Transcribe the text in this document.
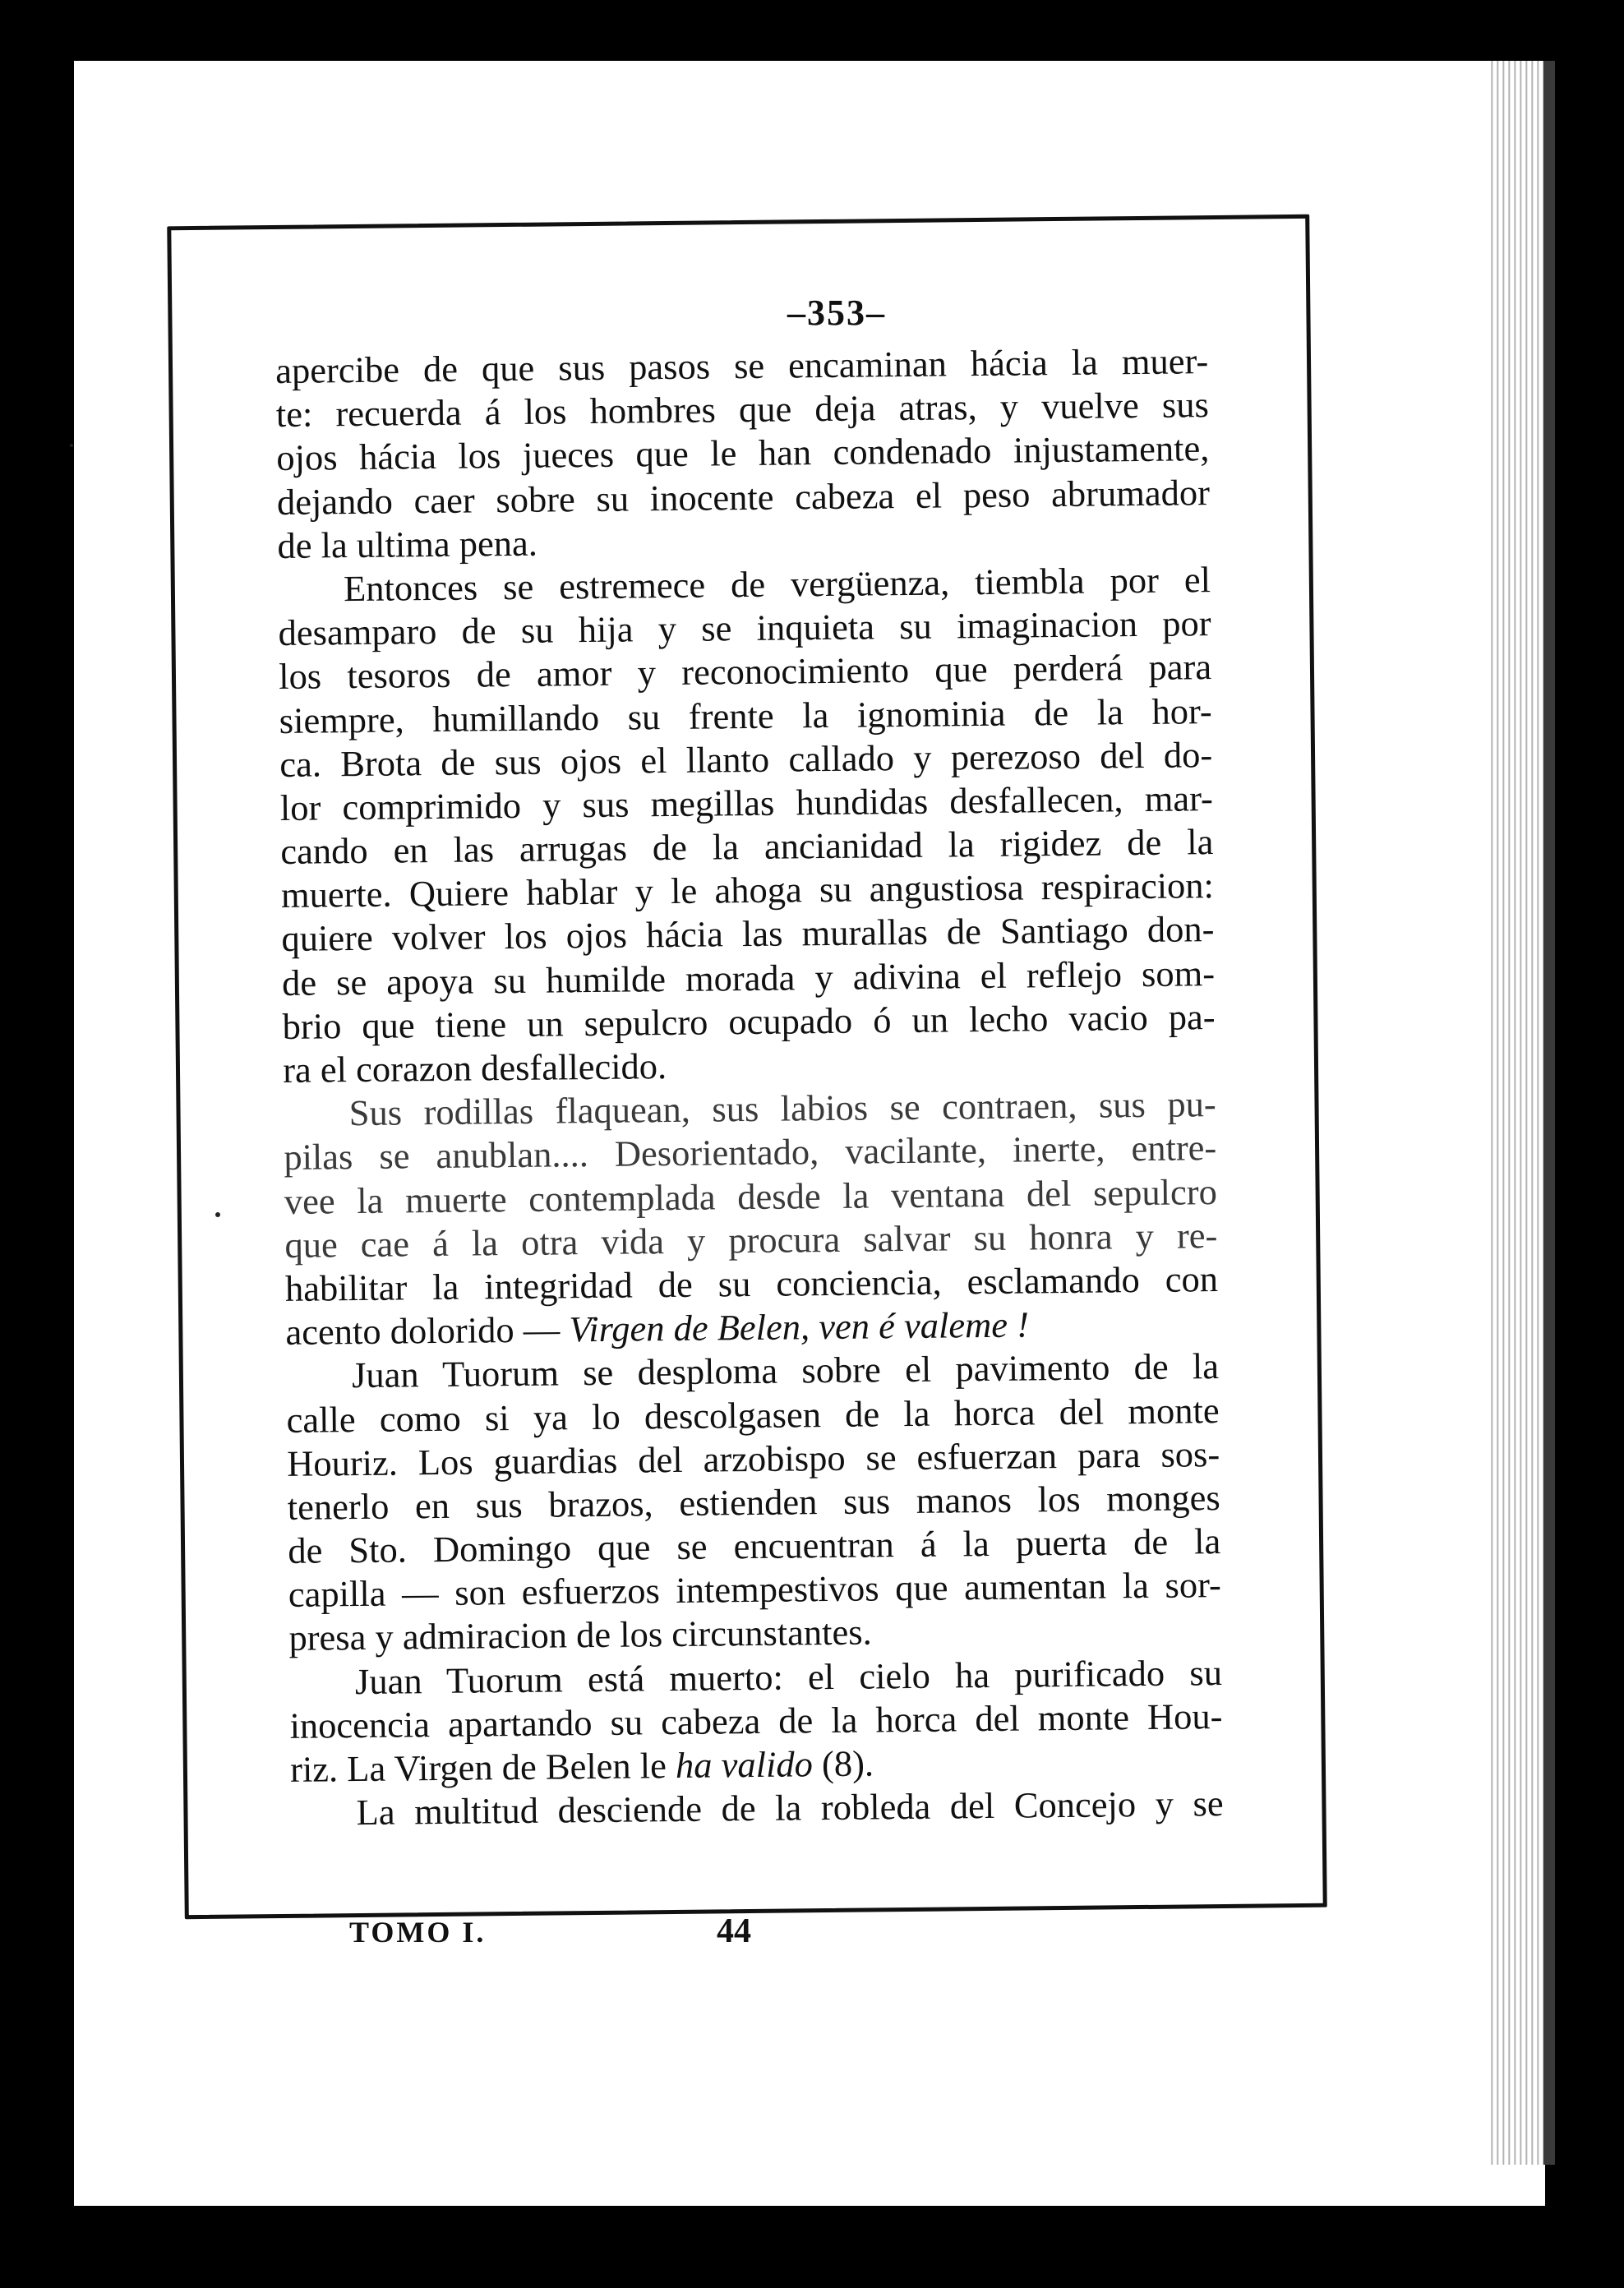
–353–
apercibe de que sus pasos se encaminan hácia la muer-
te: recuerda á los hombres que deja atras, y vuelve sus
ojos hácia los jueces que le han condenado injustamente,
dejando caer sobre su inocente cabeza el peso abrumador
de la ultima pena.
Entonces se estremece de vergüenza, tiembla por el
desamparo de su hija y se inquieta su imaginacion por
los tesoros de amor y reconocimiento que perderá para
siempre, humillando su frente la ignominia de la hor-
ca. Brota de sus ojos el llanto callado y perezoso del do-
lor comprimido y sus megillas hundidas desfallecen, mar-
cando en las arrugas de la ancianidad la rigidez de la
muerte. Quiere hablar y le ahoga su angustiosa respiracion:
quiere volver los ojos hácia las murallas de Santiago don-
de se apoya su humilde morada y adivina el reflejo som-
brio que tiene un sepulcro ocupado ó un lecho vacio pa-
ra el corazon desfallecido.
Sus rodillas flaquean, sus labios se contraen, sus pu-
pilas se anublan.... Desorientado, vacilante, inerte, entre-
vee la muerte contemplada desde la ventana del sepulcro
que cae á la otra vida y procura salvar su honra y re-
habilitar la integridad de su conciencia, esclamando con
acento dolorido — Virgen de Belen, ven é valeme !
Juan Tuorum se desploma sobre el pavimento de la
calle como si ya lo descolgasen de la horca del monte
Houriz. Los guardias del arzobispo se esfuerzan para sos-
tenerlo en sus brazos, estienden sus manos los monges
de Sto. Domingo que se encuentran á la puerta de la
capilla — son esfuerzos intempestivos que aumentan la sor-
presa y admiracion de los circunstantes.
Juan Tuorum está muerto: el cielo ha purificado su
inocencia apartando su cabeza de la horca del monte Hou-
riz. La Virgen de Belen le ha valido (8).
La multitud desciende de la robleda del Concejo y se
TOMO I.	44
